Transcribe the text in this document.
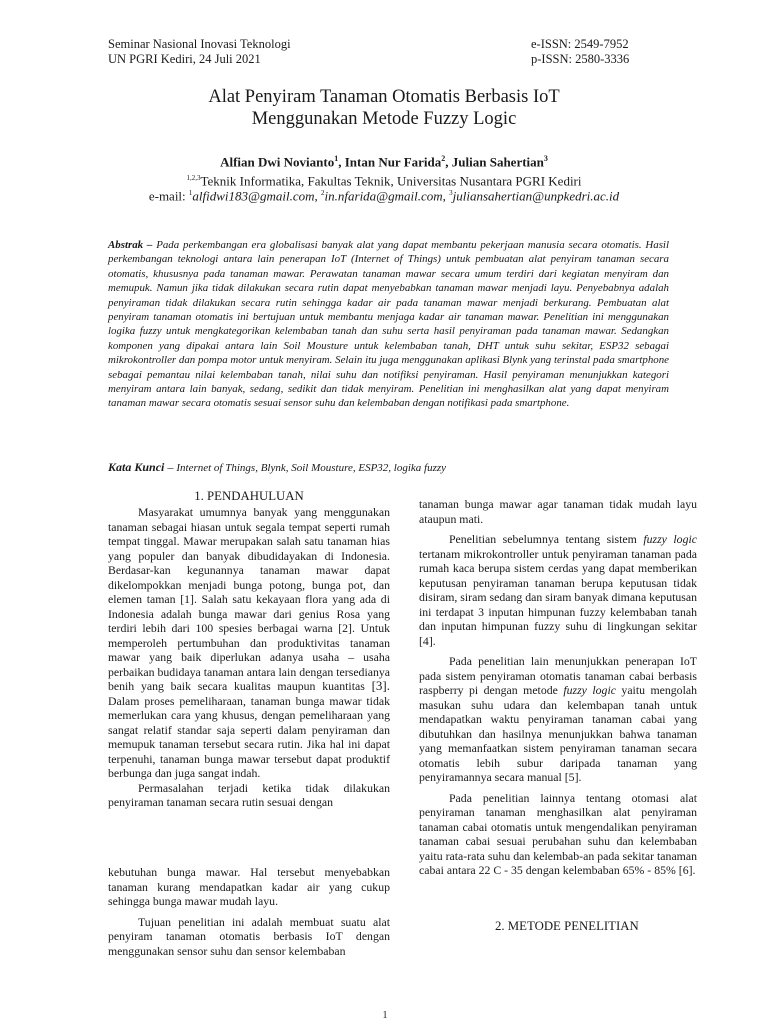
Seminar Nasional Inovasi Teknologi
UN PGRI Kediri, 24 Juli 2021
e-ISSN: 2549-7952
p-ISSN: 2580-3336
Alat Penyiram Tanaman Otomatis Berbasis IoT
Menggunakan Metode Fuzzy Logic
Alfian Dwi Novianto$^1$, Intan Nur Farida$^2$, Julian Sahertian$^3$
$^{1,2,3}$Teknik Informatika, Fakultas Teknik, Universitas Nusantara PGRI Kediri
e-mail: $^1$alfidwi183@gmail.com, $^2$in.nfarida@gmail.com, $^3$juliansahertian@unpkedri.ac.id
Abstrak – Pada perkembangan era globalisasi banyak alat yang dapat membantu pekerjaan manusia secara otomatis. Hasil perkembangan teknologi antara lain penerapan IoT (Internet of Things) untuk pembuatan alat penyiram tanaman secara otomatis, khususnya pada tanaman mawar. Perawatan tanaman mawar secara umum terdiri dari kegiatan menyiram dan memupuk. Namun jika tidak dilakukan secara rutin dapat menyebabkan tanaman mawar menjadi layu. Penyebabnya adalah penyiraman tidak dilakukan secara rutin sehingga kadar air pada tanaman mawar menjadi berkurang. Pembuatan alat penyiram tanaman otomatis ini bertujuan untuk membantu menjaga kadar air tanaman mawar. Penelitian ini menggunakan logika fuzzy untuk mengkategorikan kelembaban tanah dan suhu serta hasil penyiraman pada tanaman mawar. Sedangkan komponen yang dipakai antara lain Soil Mousture untuk kelembaban tanah, DHT untuk suhu sekitar, ESP32 sebagai mikrokontroller dan pompa motor untuk menyiram. Selain itu juga menggunakan aplikasi Blynk yang terinstal pada smartphone sebagai pemantau nilai kelembaban tanah, nilai suhu dan notifiksi penyiraman. Hasil penyiraman menunjukkan kategori menyiram antara lain banyak, sedang, sedikit dan tidak menyiram. Penelitian ini menghasilkan alat yang dapat menyiram tanaman mawar secara otomatis sesuai sensor suhu dan kelembaban dengan notifikasi pada smartphone.
Kata Kunci – Internet of Things, Blynk, Soil Mousture, ESP32, logika fuzzy
1. PENDAHULUAN

Masyarakat umumnya banyak yang menggunakan tanaman sebagai hiasan untuk segala tempat seperti rumah tempat tinggal. Mawar merupakan salah satu tanaman hias yang populer dan banyak dibudidayakan di Indonesia. Berdasar-kan kegunannya tanaman mawar dapat dikelompokkan menjadi bunga potong, bunga pot, dan elemen taman [1]. Salah satu kekayaan flora yang ada di Indonesia adalah bunga mawar dari genius Rosa yang terdiri lebih dari 100 spesies berbagai warna [2]. Untuk memperoleh pertumbuhan dan produktivitas tanaman mawar yang baik diperlukan adanya usaha – usaha perbaikan budidaya tanaman antara lain dengan tersedianya benih yang baik secara kualitas maupun kuantitas [3]. Dalam proses pemeliharaan, tanaman bunga mawar tidak memerlukan cara yang khusus, dengan pemeliharaan yang sangat relatif standar saja seperti dalam penyiraman dan memupuk tanaman tersebut secara rutin. Jika hal ini dapat terpenuhi, tanaman bunga mawar tersebut dapat produktif berbunga dan juga sangat indah.

Permasalahan terjadi ketika tidak dilakukan penyiraman tanaman secara rutin sesuai dengan

kebutuhan bunga mawar. Hal tersebut menyebabkan tanaman kurang mendapatkan kadar air yang cukup sehingga bunga mawar mudah layu.

Tujuan penelitian ini adalah membuat suatu alat penyiram tanaman otomatis berbasis IoT dengan menggunakan sensor suhu dan sensor kelembaban

tanaman bunga mawar agar tanaman tidak mudah layu ataupun mati.

Penelitian sebelumnya tentang sistem fuzzy logic tertanam mikrokontroller untuk penyiraman tanaman pada rumah kaca berupa sistem cerdas yang dapat memberikan keputusan penyiraman tanaman berupa keputusan tidak disiram, siram sedang dan siram banyak dimana keputusan ini terdapat 3 inputan himpunan fuzzy kelembaban tanah dan inputan himpunan fuzzy suhu di lingkungan sekitar [4].

Pada penelitian lain menunjukkan penerapan IoT pada sistem penyiraman otomatis tanaman cabai berbasis raspberry pi dengan metode fuzzy logic yaitu mengolah masukan suhu udara dan kelembapan tanah untuk mendapatkan waktu penyiraman tanaman cabai yang dibutuhkan dan hasilnya menunjukkan bahwa tanaman yang memanfaatkan sistem penyiraman tanaman secara otomatis lebih subur daripada tanaman yang penyiramannya secara manual [5].

Pada penelitian lainnya tentang otomasi alat penyiraman tanaman menghasilkan alat penyiraman tanaman cabai otomatis untuk mengendalikan penyiraman tanaman cabai sesuai perubahan suhu dan kelembaban yaitu rata-rata suhu dan kelembab-an pada sekitar tanaman cabai antara 22 C - 35 dengan kelembaban 65% - 85% [6].

2. METODE PENELITIAN
1
